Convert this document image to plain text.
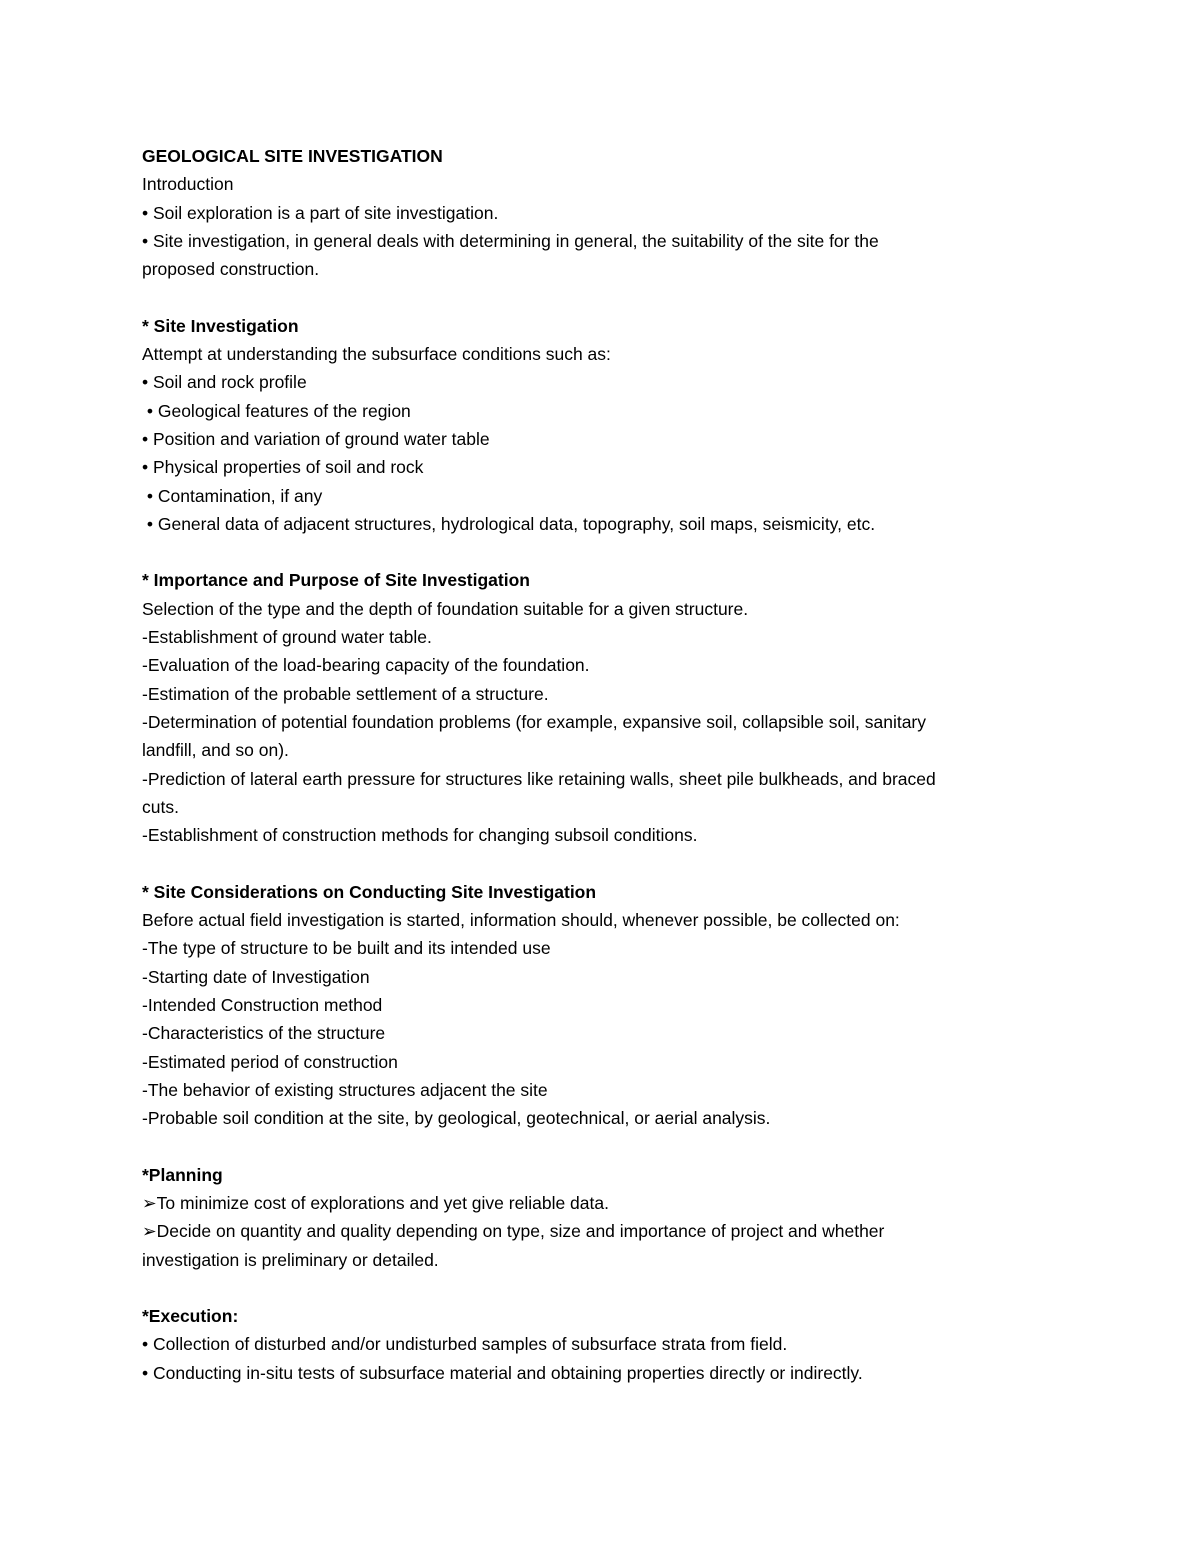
GEOLOGICAL SITE INVESTIGATION
Introduction
• Soil exploration is a part of site investigation.
• Site investigation, in general deals with determining in general, the suitability of the site for the
proposed construction.
* Site Investigation
Attempt at understanding the subsurface conditions such as:
• Soil and rock profile
• Geological features of the region
• Position and variation of ground water table
• Physical properties of soil and rock
• Contamination, if any
• General data of adjacent structures, hydrological data, topography, soil maps, seismicity, etc.
* Importance and Purpose of Site Investigation
Selection of the type and the depth of foundation suitable for a given structure.
-Establishment of ground water table.
-Evaluation of the load-bearing capacity of the foundation.
-Estimation of the probable settlement of a structure.
-Determination of potential foundation problems (for example, expansive soil, collapsible soil, sanitary
landfill, and so on).
-Prediction of lateral earth pressure for structures like retaining walls, sheet pile bulkheads, and braced
cuts.
-Establishment of construction methods for changing subsoil conditions.
* Site Considerations on Conducting Site Investigation
Before actual field investigation is started, information should, whenever possible, be collected on:
-The type of structure to be built and its intended use
-Starting date of Investigation
-Intended Construction method
-Characteristics of the structure
-Estimated period of construction
-The behavior of existing structures adjacent the site
-Probable soil condition at the site, by geological, geotechnical, or aerial analysis.
*Planning
➢To minimize cost of explorations and yet give reliable data.
➢Decide on quantity and quality depending on type, size and importance of project and whether
investigation is preliminary or detailed.
*Execution:
• Collection of disturbed and/or undisturbed samples of subsurface strata from field.
• Conducting in-situ tests of subsurface material and obtaining properties directly or indirectly.
